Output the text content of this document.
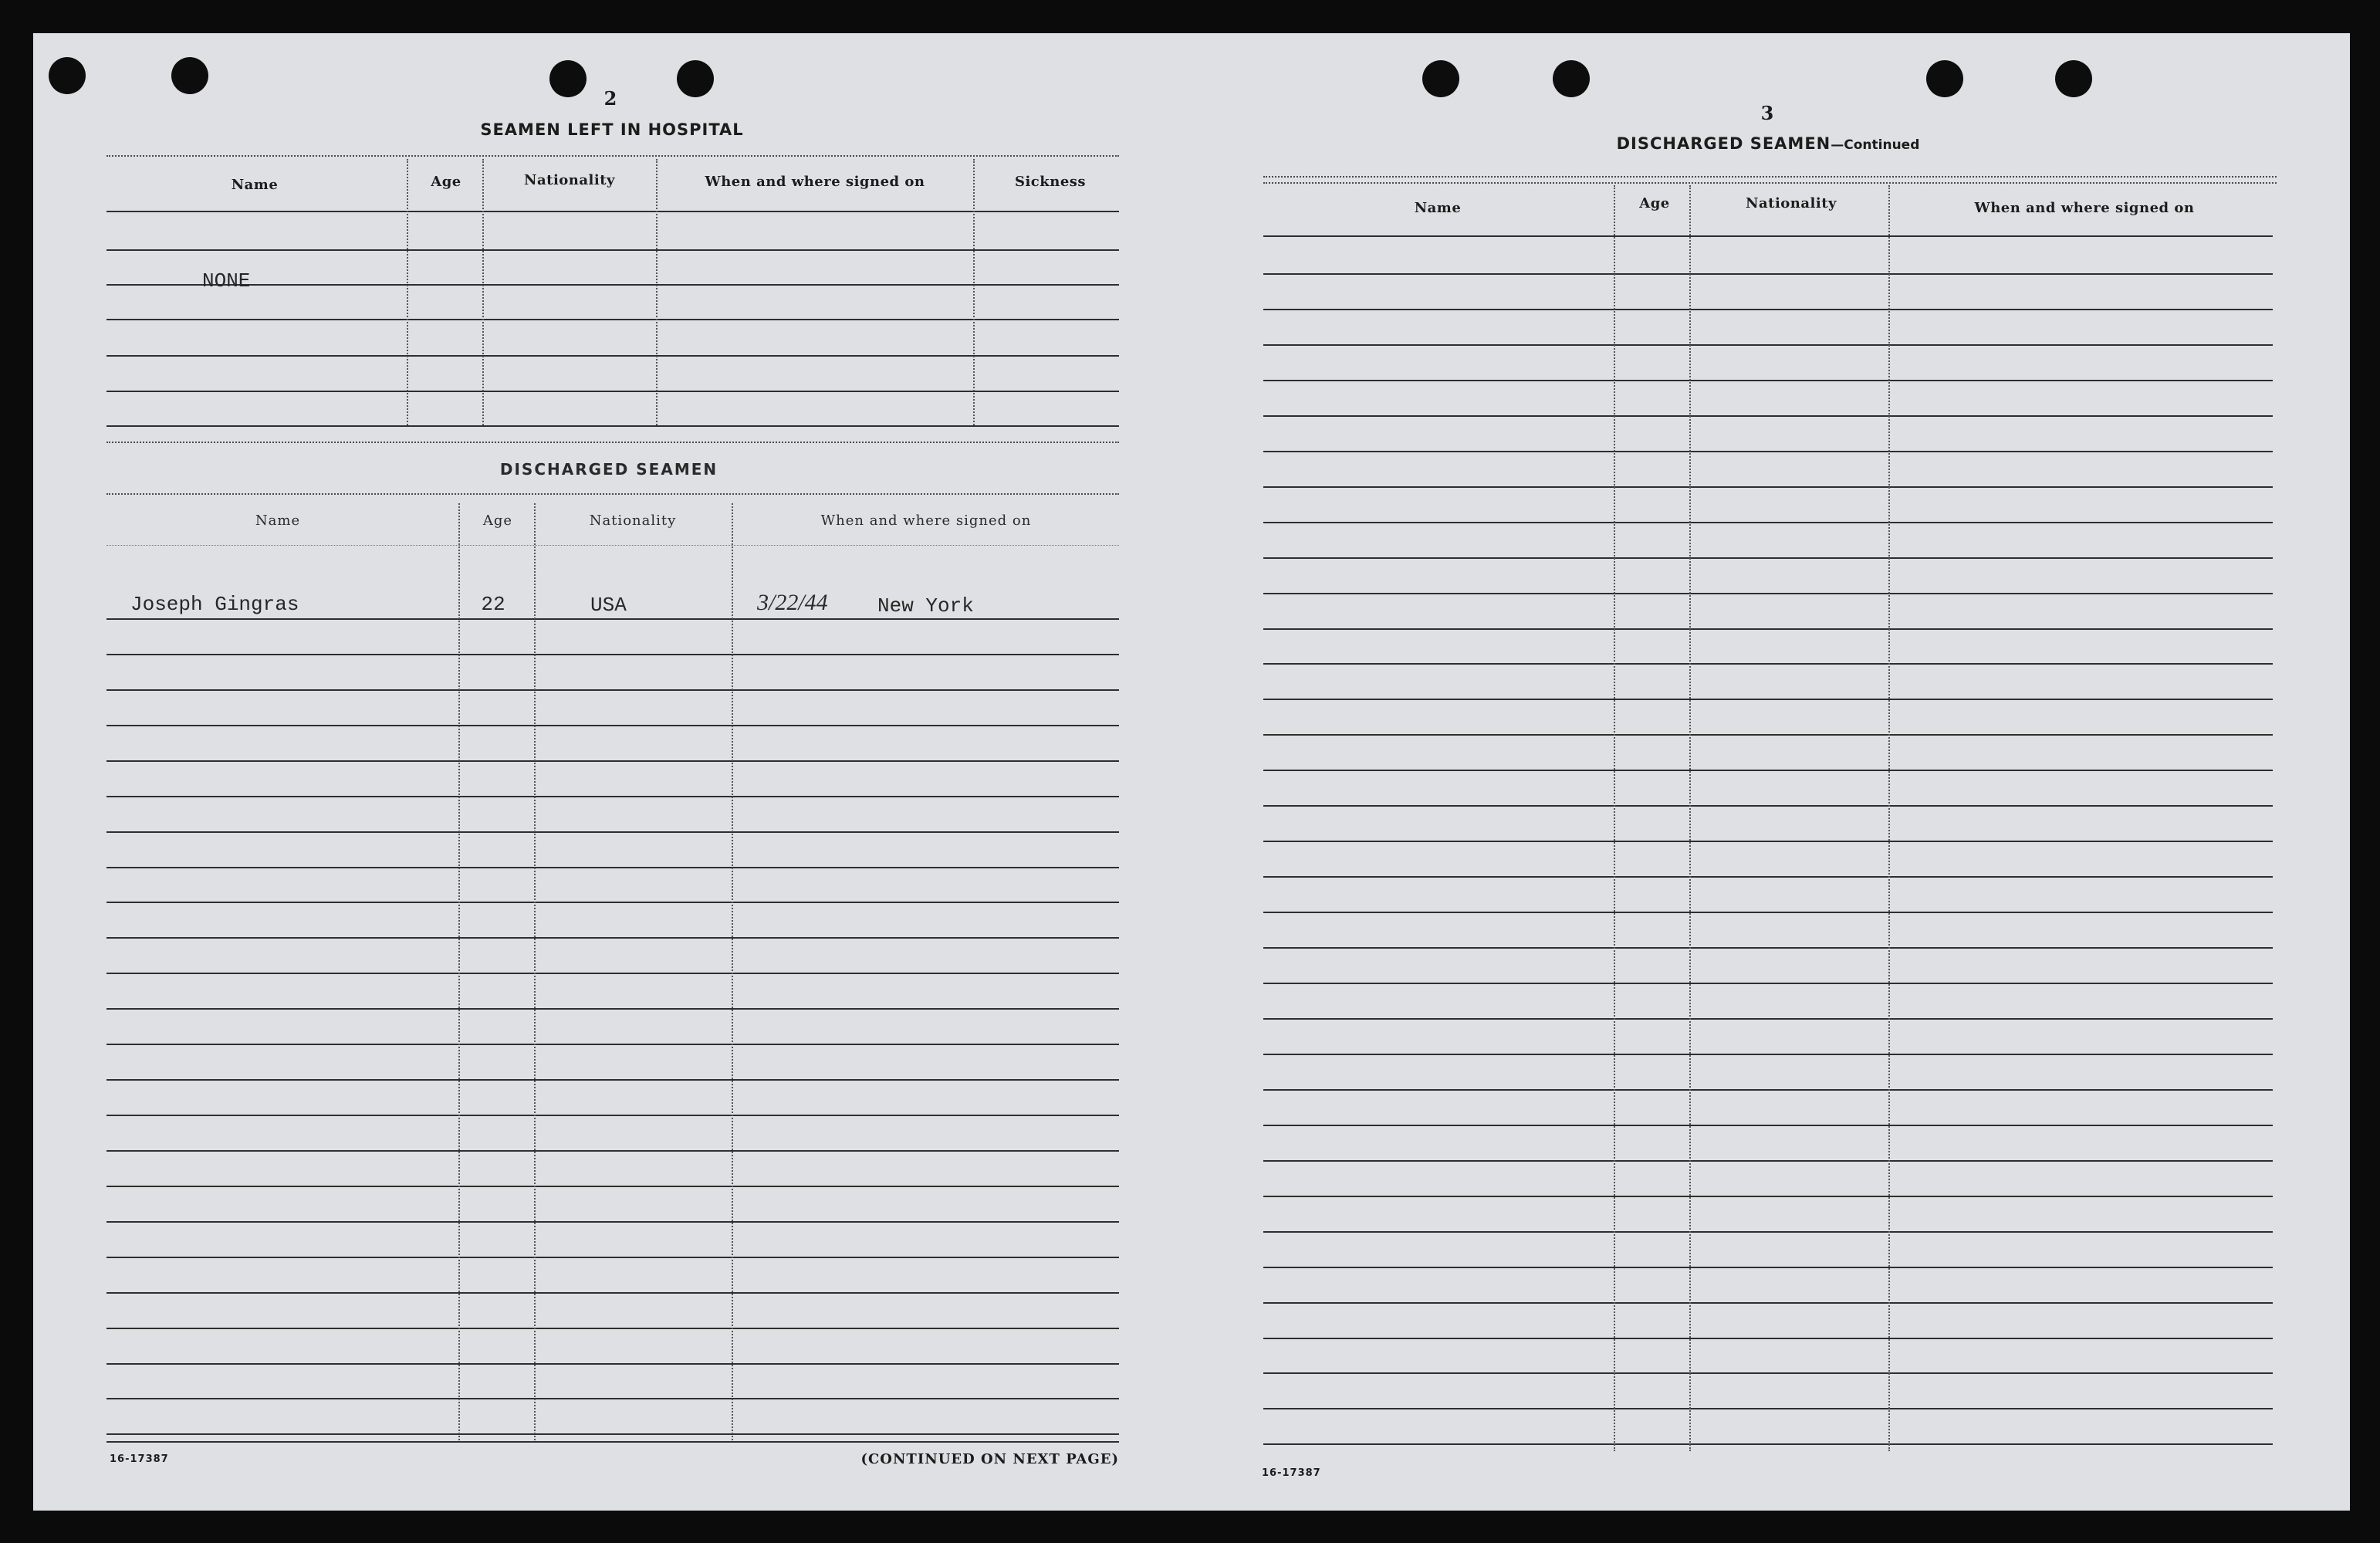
2
SEAMEN LEFT IN HOSPITAL
Name	Age	Nationality	When and where signed on	Sickness
NONE
DISCHARGED SEAMEN
Name	Age	Nationality	When and where signed on
Joseph Gingras	22	USA	3/22/44 New York
16-17387	(CONTINUED ON NEXT PAGE)
3
DISCHARGED SEAMEN—Continued
Name	Age	Nationality	When and where signed on
16-17387
